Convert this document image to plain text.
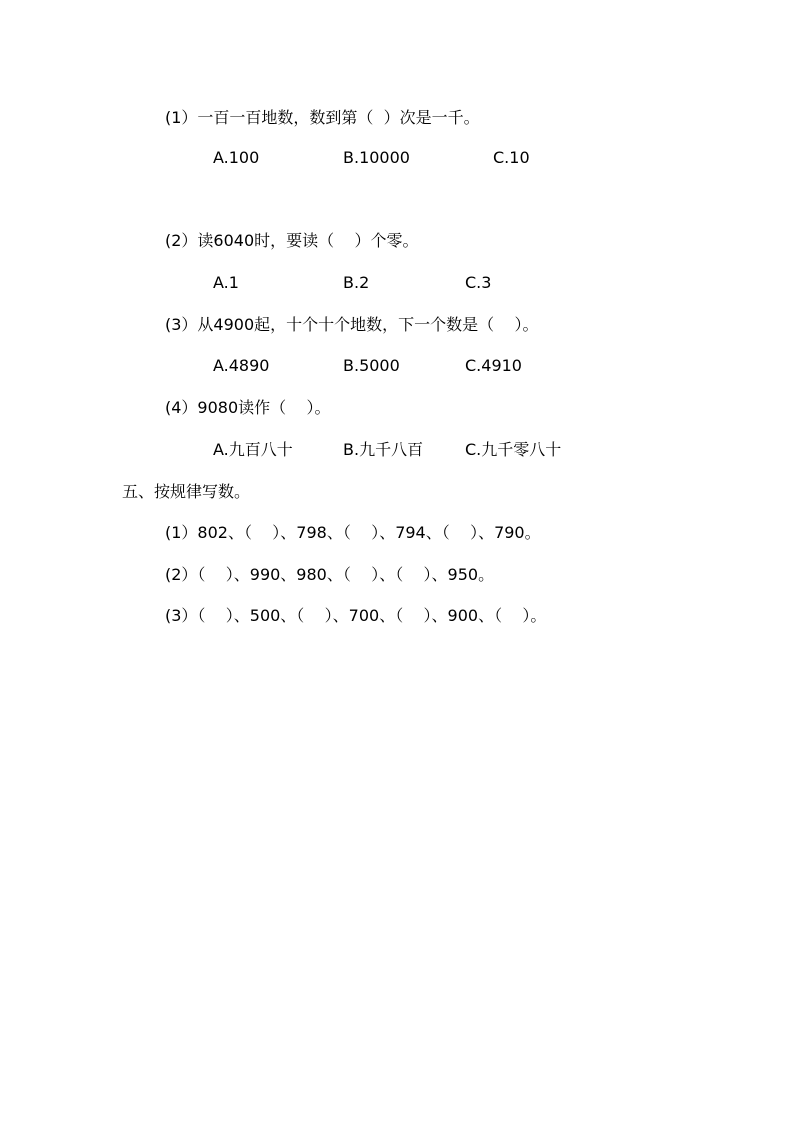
(1）一百一百地数，数到第（  ）次是一千。
A.100	B.10000	C.10
(2）读6040时，要读（    ）个零。
A.1	B.2	C.3
(3）从4900起，十个十个地数，下一个数是（    ）。
A.4890	B.5000	C.4910
(4）9080读作（    ）。
A.九百八十	B.九千八百	C.九千零八十
五、按规律写数。
(1）802、（    ）、798、（    ）、794、（    ）、790。
(2）（    ）、990、980、（    ）、（    ）、950。
(3）（    ）、500、（    ）、700、（    ）、900、（    ）。
